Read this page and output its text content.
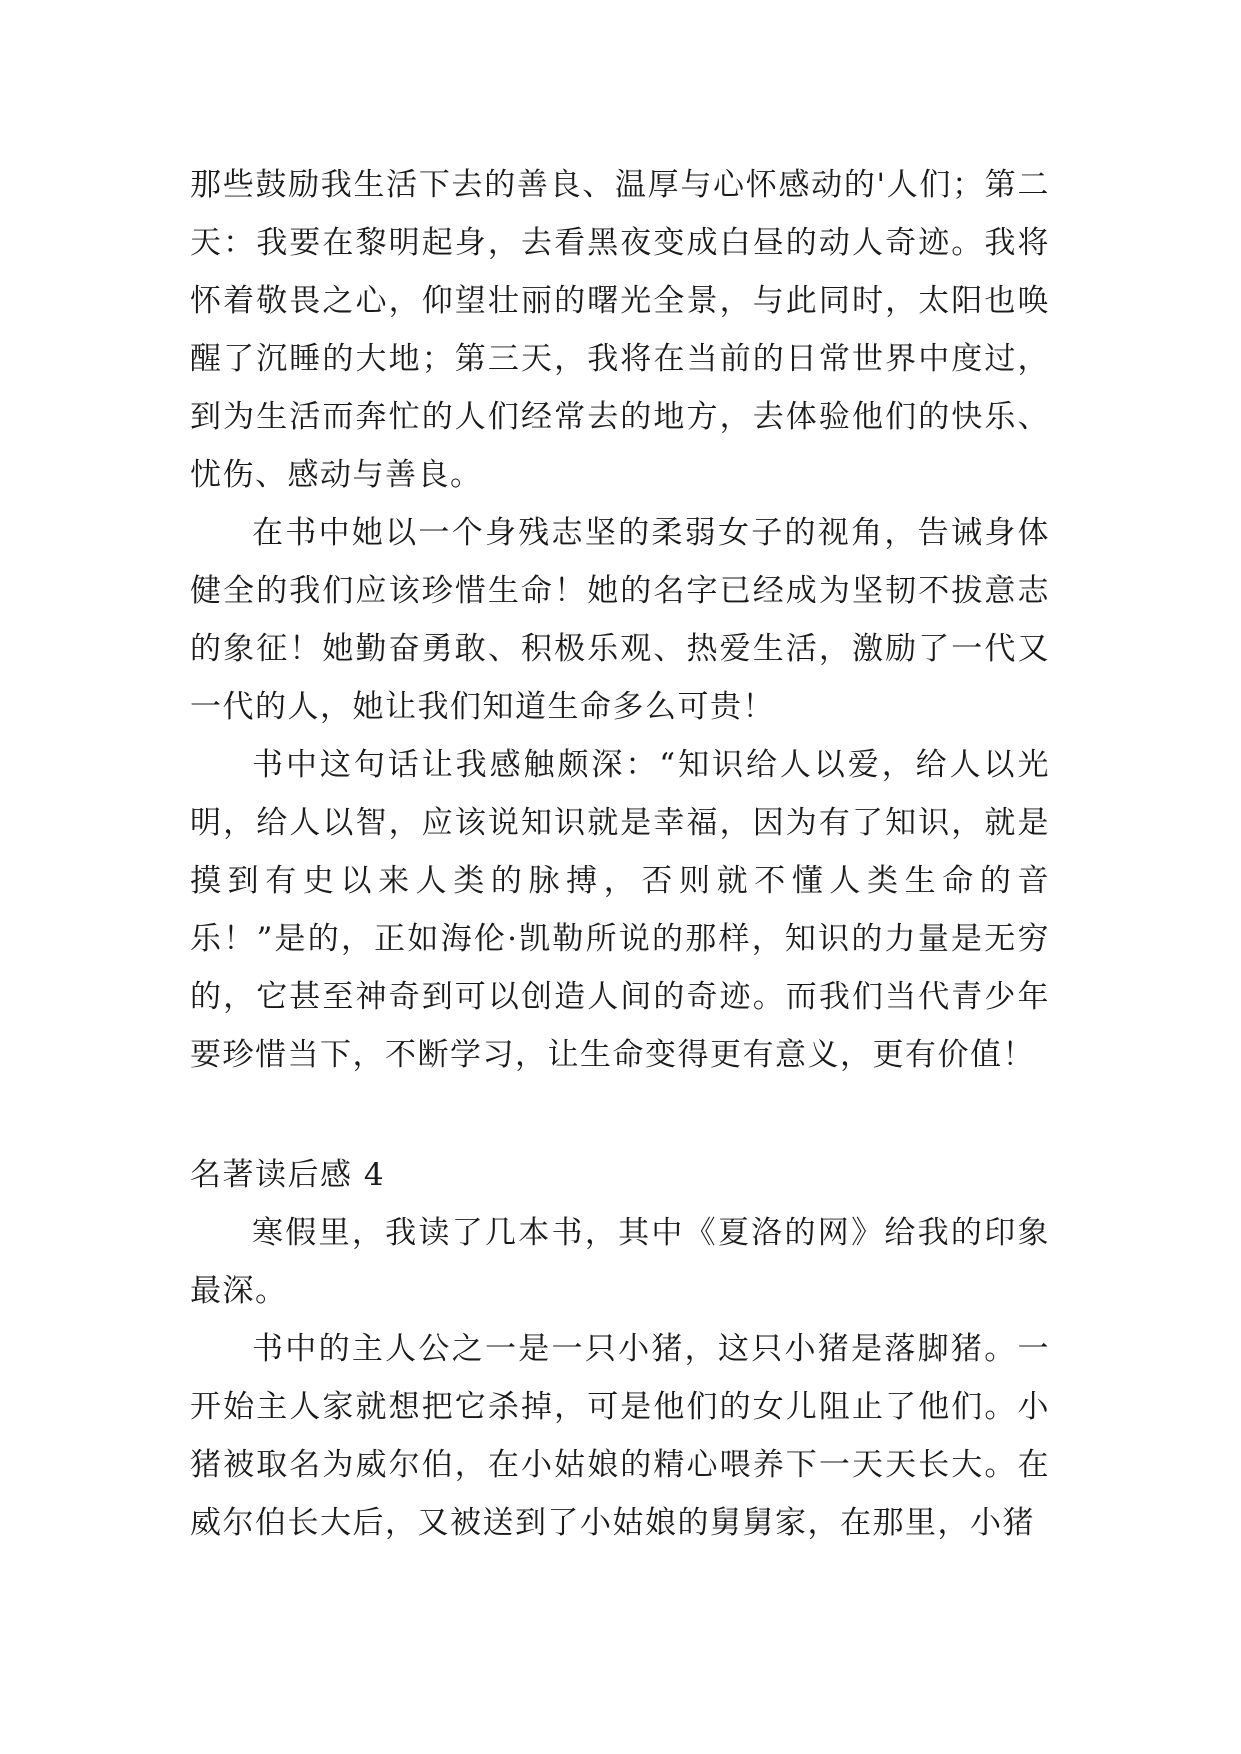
那些鼓励我生活下去的善良、温厚与心怀感动的'人们；第二天：我要在黎明起身，去看黑夜变成白昼的动人奇迹。我将怀着敬畏之心，仰望壮丽的曙光全景，与此同时，太阳也唤醒了沉睡的大地；第三天，我将在当前的日常世界中度过，到为生活而奔忙的人们经常去的地方，去体验他们的快乐、忧伤、感动与善良。

在书中她以一个身残志坚的柔弱女子的视角，告诫身体健全的我们应该珍惜生命！她的名字已经成为坚韧不拔意志的象征！她勤奋勇敢、积极乐观、热爱生活，激励了一代又一代的人，她让我们知道生命多么可贵！

书中这句话让我感触颇深：“知识给人以爱，给人以光明，给人以智，应该说知识就是幸福，因为有了知识，就是摸到有史以来人类的脉搏，否则就不懂人类生命的音乐！”是的，正如海伦·凯勒所说的那样，知识的力量是无穷的，它甚至神奇到可以创造人间的奇迹。而我们当代青少年要珍惜当下，不断学习，让生命变得更有意义，更有价值！

名著读后感 4

寒假里，我读了几本书，其中《夏洛的网》给我的印象最深。

书中的主人公之一是一只小猪，这只小猪是落脚猪。一开始主人家就想把它杀掉，可是他们的女儿阻止了他们。小猪被取名为威尔伯，在小姑娘的精心喂养下一天天长大。在威尔伯长大后，又被送到了小姑娘的舅舅家，在那里，小猪
